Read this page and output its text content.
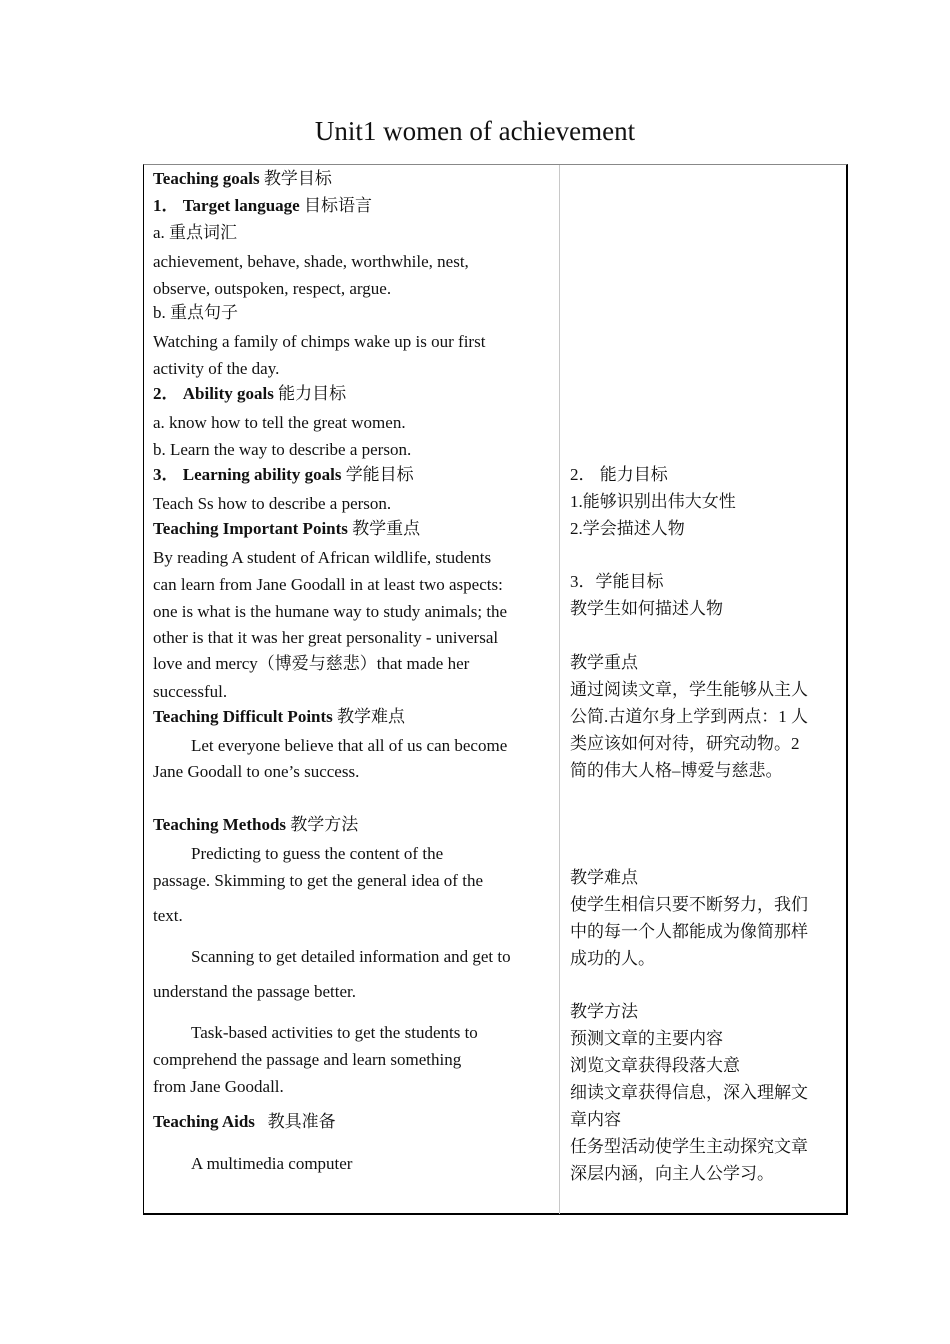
Unit1 women of achievement
Teaching goals 教学目标
1． Target language 目标语言
a. 重点词汇
achievement, behave, shade, worthwhile, nest,
observe, outspoken, respect, argue.
b. 重点句子
Watching a family of chimps wake up is our first
activity of the day.
2． Ability goals 能力目标
a. know how to tell the great women.
b. Learn the way to describe a person.
3． Learning ability goals 学能目标
Teach Ss how to describe a person.
Teaching Important Points 教学重点
By reading A student of African wildlife, students
can learn from Jane Goodall in at least two aspects:
one is what is the humane way to study animals; the
other is that it was her great personality - universal
love and mercy（博爱与慈悲）that made her
successful.
Teaching Difficult Points 教学难点
Let everyone believe that all of us can become
Jane Goodall to one’s success.
Teaching Methods 教学方法
Predicting to guess the content of the
passage. Skimming to get the general idea of the
text.
Scanning to get detailed information and get to
understand the passage better.
Task-based activities to get the students to
comprehend the passage and learn something
from Jane Goodall.
Teaching Aids 教具准备
A multimedia computer
2． 能力目标
1.能够识别出伟大女性
2.学会描述人物
3．学能目标
教学生如何描述人物
教学重点
通过阅读文章，学生能够从主人
公简.古道尔身上学到两点：1 人
类应该如何对待，研究动物。2
简的伟大人格–博爱与慈悲。
教学难点
使学生相信只要不断努力，我们
中的每一个人都能成为像简那样
成功的人。
教学方法
预测文章的主要内容
浏览文章获得段落大意
细读文章获得信息，深入理解文
章内容
任务型活动使学生主动探究文章
深层内涵，向主人公学习。
